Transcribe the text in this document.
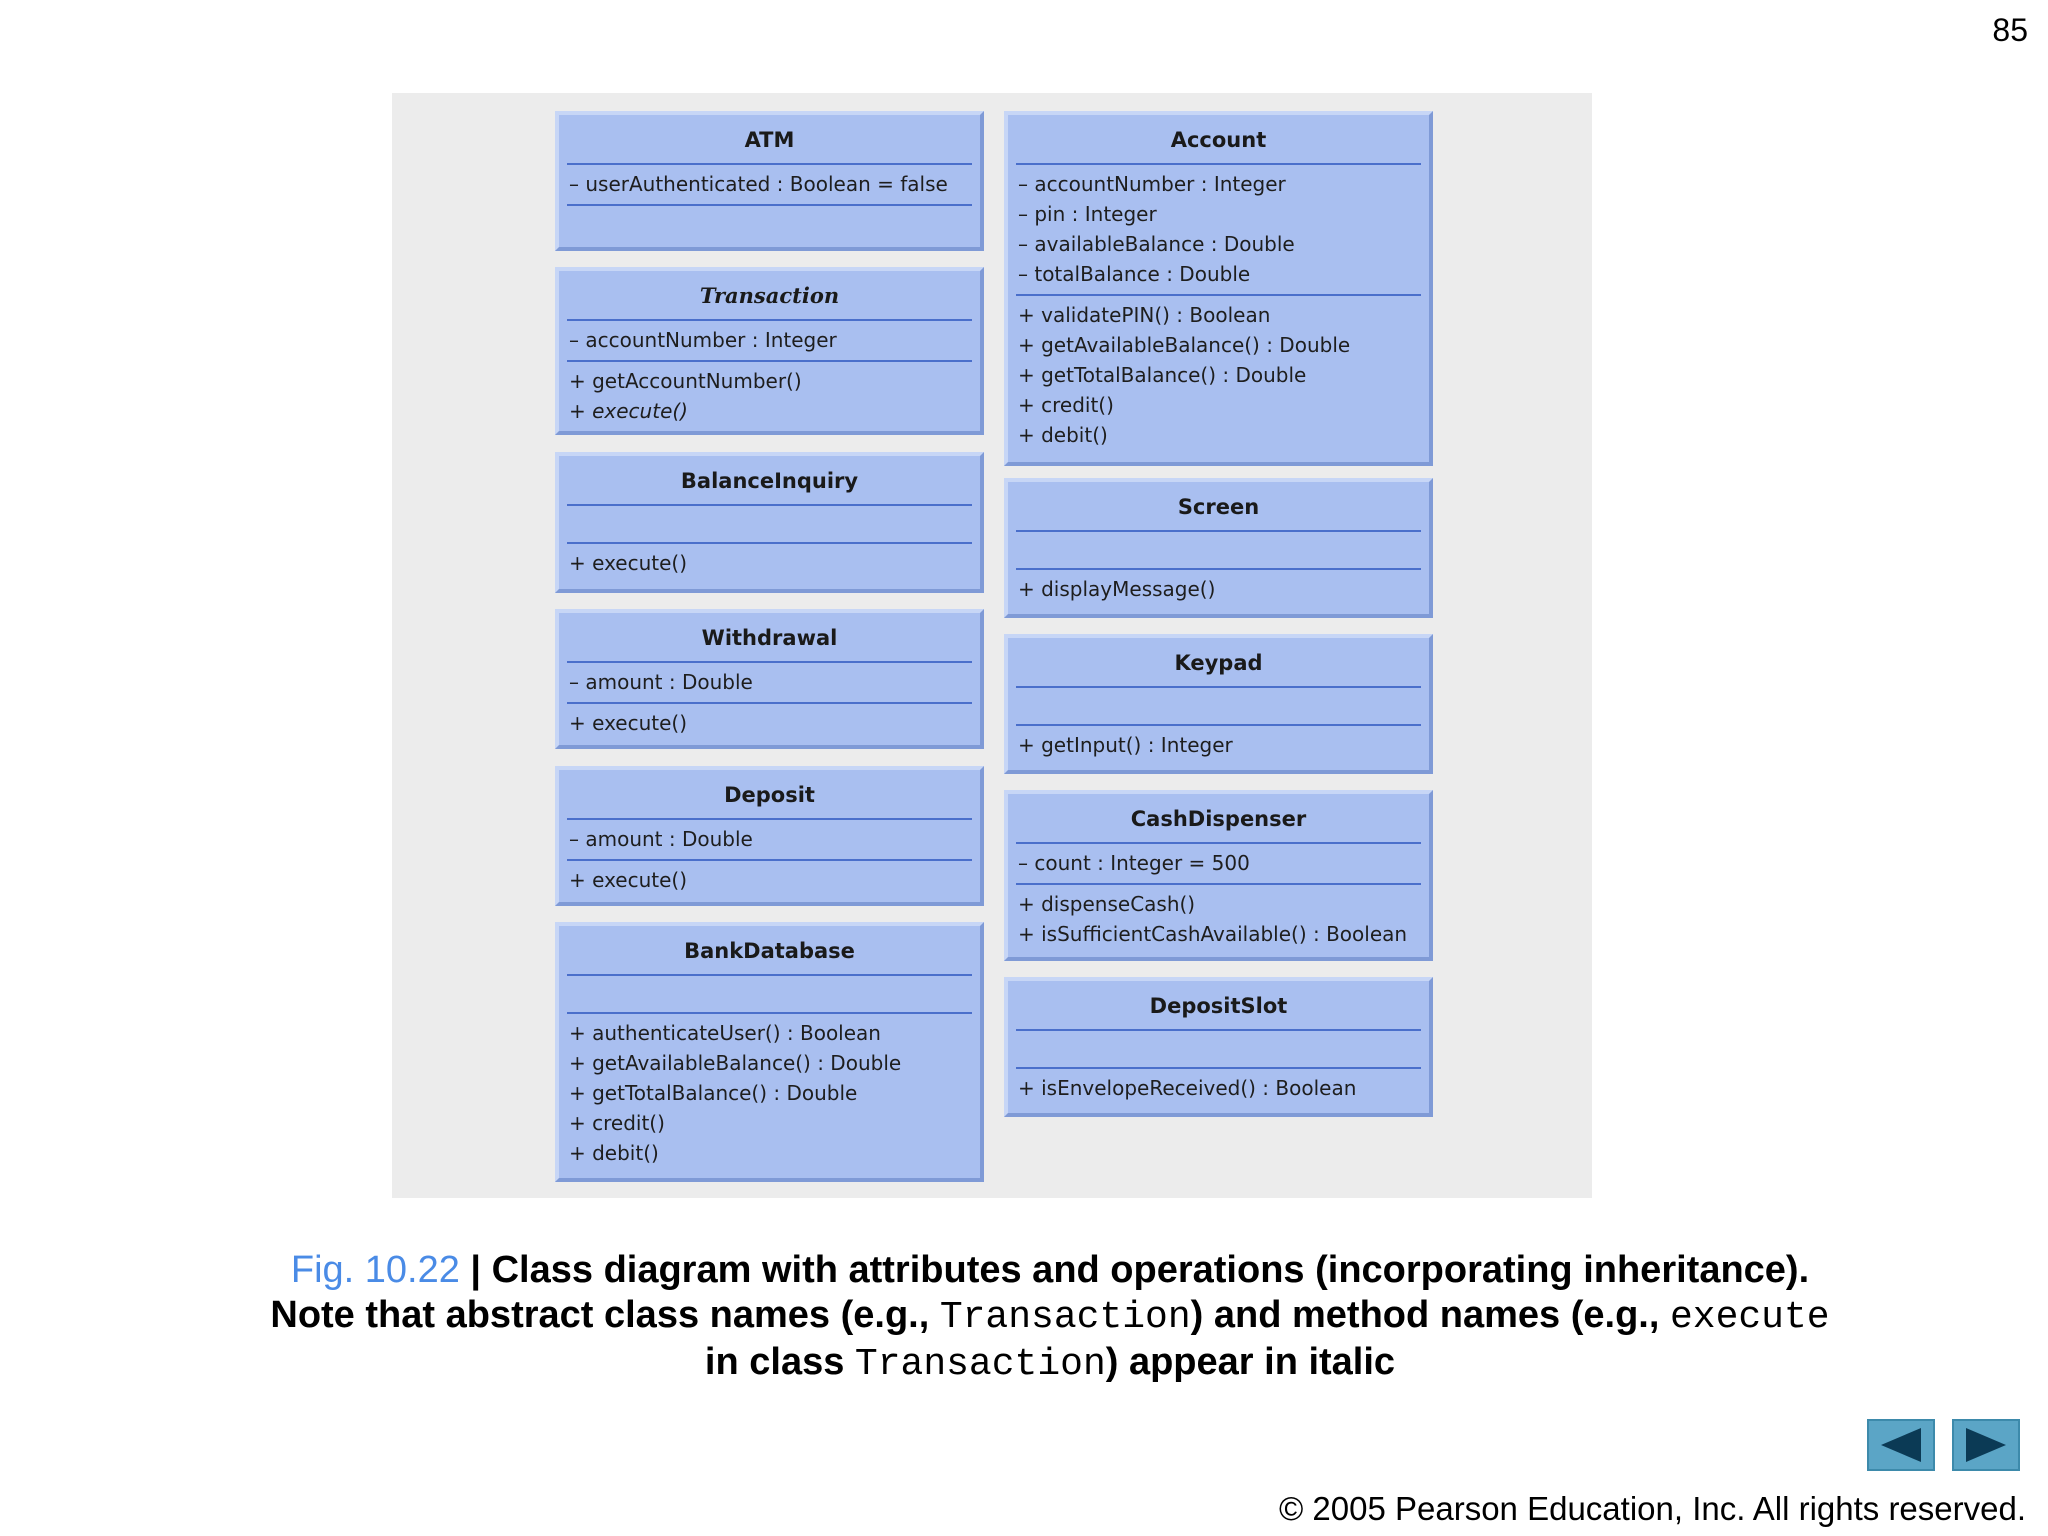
85
ATM
– userAuthenticated : Boolean = false
Transaction
– accountNumber : Integer
+ getAccountNumber()
+ execute()
BalanceInquiry
+ execute()
Withdrawal
– amount : Double
+ execute()
Deposit
– amount : Double
+ execute()
BankDatabase
+ authenticateUser() : Boolean
+ getAvailableBalance() : Double
+ getTotalBalance() : Double
+ credit()
+ debit()
Account
– accountNumber : Integer
– pin : Integer
– availableBalance : Double
– totalBalance : Double
+ validatePIN() : Boolean
+ getAvailableBalance() : Double
+ getTotalBalance() : Double
+ credit()
+ debit()
Screen
+ displayMessage()
Keypad
+ getInput() : Integer
CashDispenser
– count : Integer = 500
+ dispenseCash()
+ isSufficientCashAvailable() : Boolean
DepositSlot
+ isEnvelopeReceived() : Boolean
Fig. 10.22 | Class diagram with attributes and operations (incorporating inheritance). Note that abstract class names (e.g., Transaction) and method names (e.g., execute in class Transaction) appear in italic
© 2005 Pearson Education, Inc. All rights reserved.
